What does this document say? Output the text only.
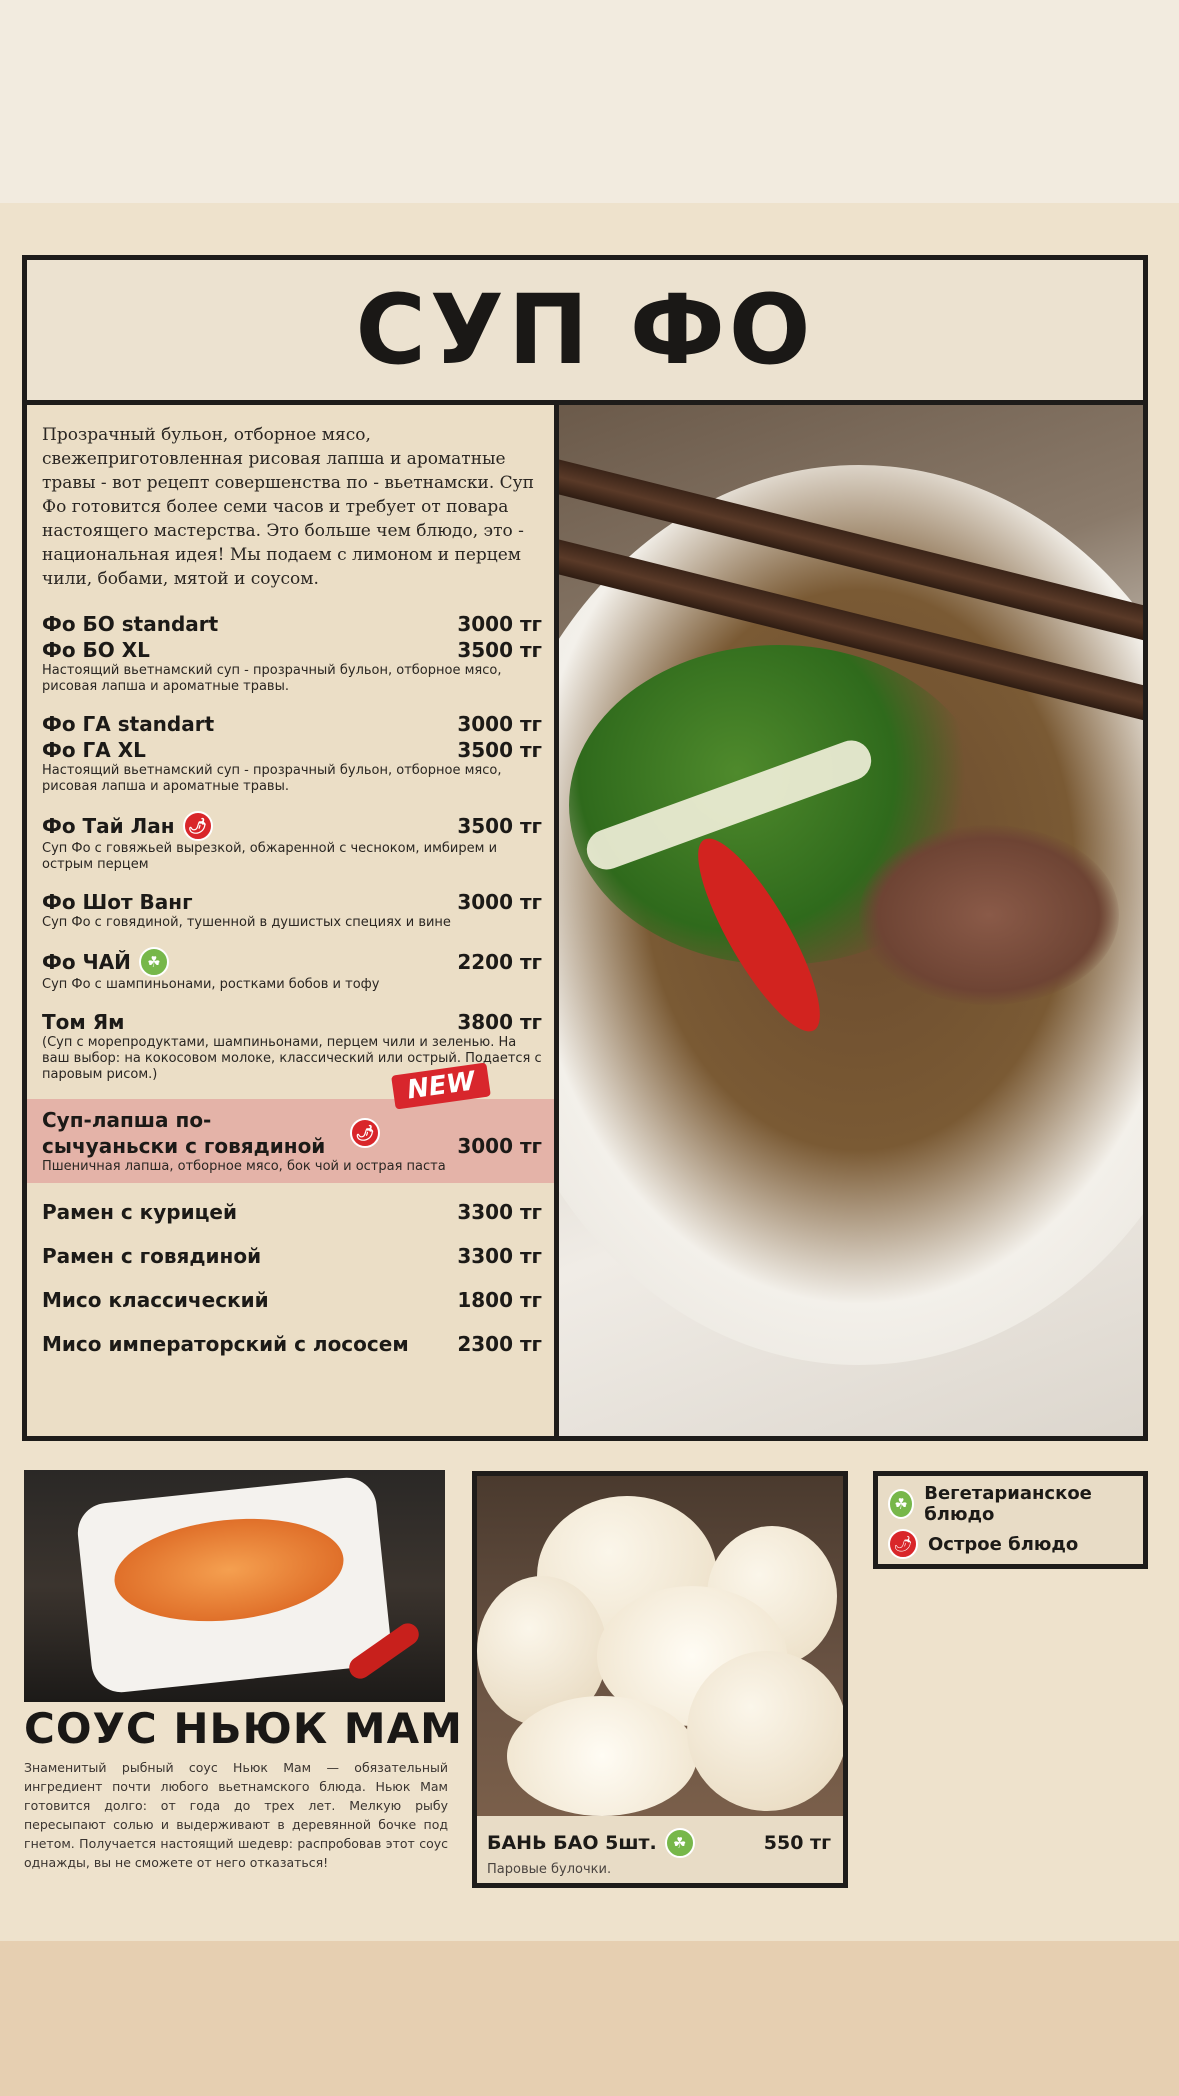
СУП ФО

Прозрачный бульон, отборное мясо, свежеприготовленная рисовая лапша и ароматные травы - вот рецепт совершенства по - вьетнамски. Суп Фо готовится более семи часов и требует от повара настоящего мастерства. Это больше чем блюдо, это - национальная идея! Мы подаем с лимоном и перцем чили, бобами, мятой и соусом.

Фо БО standart	3000 тг
Фо БО XL	3500 тг
Настоящий вьетнамский суп - прозрачный бульон, отборное мясо, рисовая лапша и ароматные травы.
Фо ГА standart	3000 тг
Фо ГА XL	3500 тг
Настоящий вьетнамский суп - прозрачный бульон, отборное мясо, рисовая лапша и ароматные травы.
Фо Тай Лан 🌶	3500 тг
Суп Фо с говяжьей вырезкой, обжаренной с чесноком, имбирем и острым перцем
Фо Шот Ванг	3000 тг
Суп Фо с говядиной, тушенной в душистых специях и вине
Фо ЧАЙ	☘	2200 тг
Суп Фо с шампиньонами, ростками бобов и тофу
Том Ям	3800 тг
(Суп с морепродуктами, шампиньонами, перцем чили и зеленью. На ваш выбор: на кокосовом молоке, классический или острый. Подается с паровым рисом.)	NEW
Суп-лапша по-сычуаньски с говядиной
🌶
3000 тг
Пшеничная лапша, отборное мясо, бок чой и острая паста
Рамен с курицей	3300 тг
Рамен с говядиной	3300 тг
Мисо классический	1800 тг
Мисо императорский с лососем 2300 тг
СОУС НЬЮК МАМ

Знаменитый рыбный соус Ньюк Мам — обязательный ингредиент почти любого вьетнамского блюда. Ньюк Мам готовится долго: от года до трех лет. Мелкую рыбу пересыпают солью и выдерживают в деревянной бочке под гнетом. Получается настоящий шедевр: распробовав этот соус однажды, вы не сможете от него отказаться!

БАНЬ БАО 5шт.	☘	550 тг
Паровые булочки.
☘ Вегетарианское блюдо
🌶 Острое блюдо
